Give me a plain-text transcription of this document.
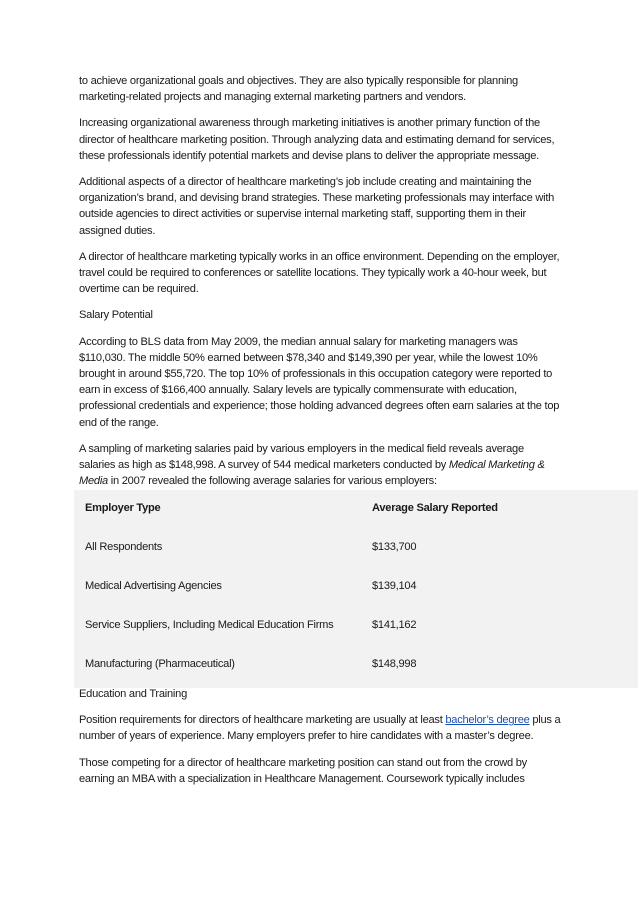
to achieve organizational goals and objectives. They are also typically responsible for planning marketing-related projects and managing external marketing partners and vendors.

Increasing organizational awareness through marketing initiatives is another primary function of the director of healthcare marketing position. Through analyzing data and estimating demand for services, these professionals identify potential markets and devise plans to deliver the appropriate message.

Additional aspects of a director of healthcare marketing’s job include creating and maintaining the organization’s brand, and devising brand strategies. These marketing professionals may interface with outside agencies to direct activities or supervise internal marketing staff, supporting them in their assigned duties.

A director of healthcare marketing typically works in an office environment. Depending on the employer, travel could be required to conferences or satellite locations. They typically work a 40-hour week, but overtime can be required.

Salary Potential

According to BLS data from May 2009, the median annual salary for marketing managers was $110,030. The middle 50% earned between $78,340 and $149,390 per year, while the lowest 10% brought in around $55,720. The top 10% of professionals in this occupation category were reported to earn in excess of $166,400 annually. Salary levels are typically commensurate with education, professional credentials and experience; those holding advanced degrees often earn salaries at the top end of the range.

A sampling of marketing salaries paid by various employers in the medical field reveals average salaries as high as $148,998. A survey of 544 medical marketers conducted by Medical Marketing & Media in 2007 revealed the following average salaries for various employers:

Employer Type	Average Salary Reported
All Respondents	$133,700
Medical Advertising Agencies	$139,104
Service Suppliers, Including Medical Education Firms	$141,162
Manufacturing (Pharmaceutical)	$148,998

Education and Training

Position requirements for directors of healthcare marketing are usually at least bachelor’s degree plus a number of years of experience. Many employers prefer to hire candidates with a master’s degree.

Those competing for a director of healthcare marketing position can stand out from the crowd by earning an MBA with a specialization in Healthcare Management. Coursework typically includes
